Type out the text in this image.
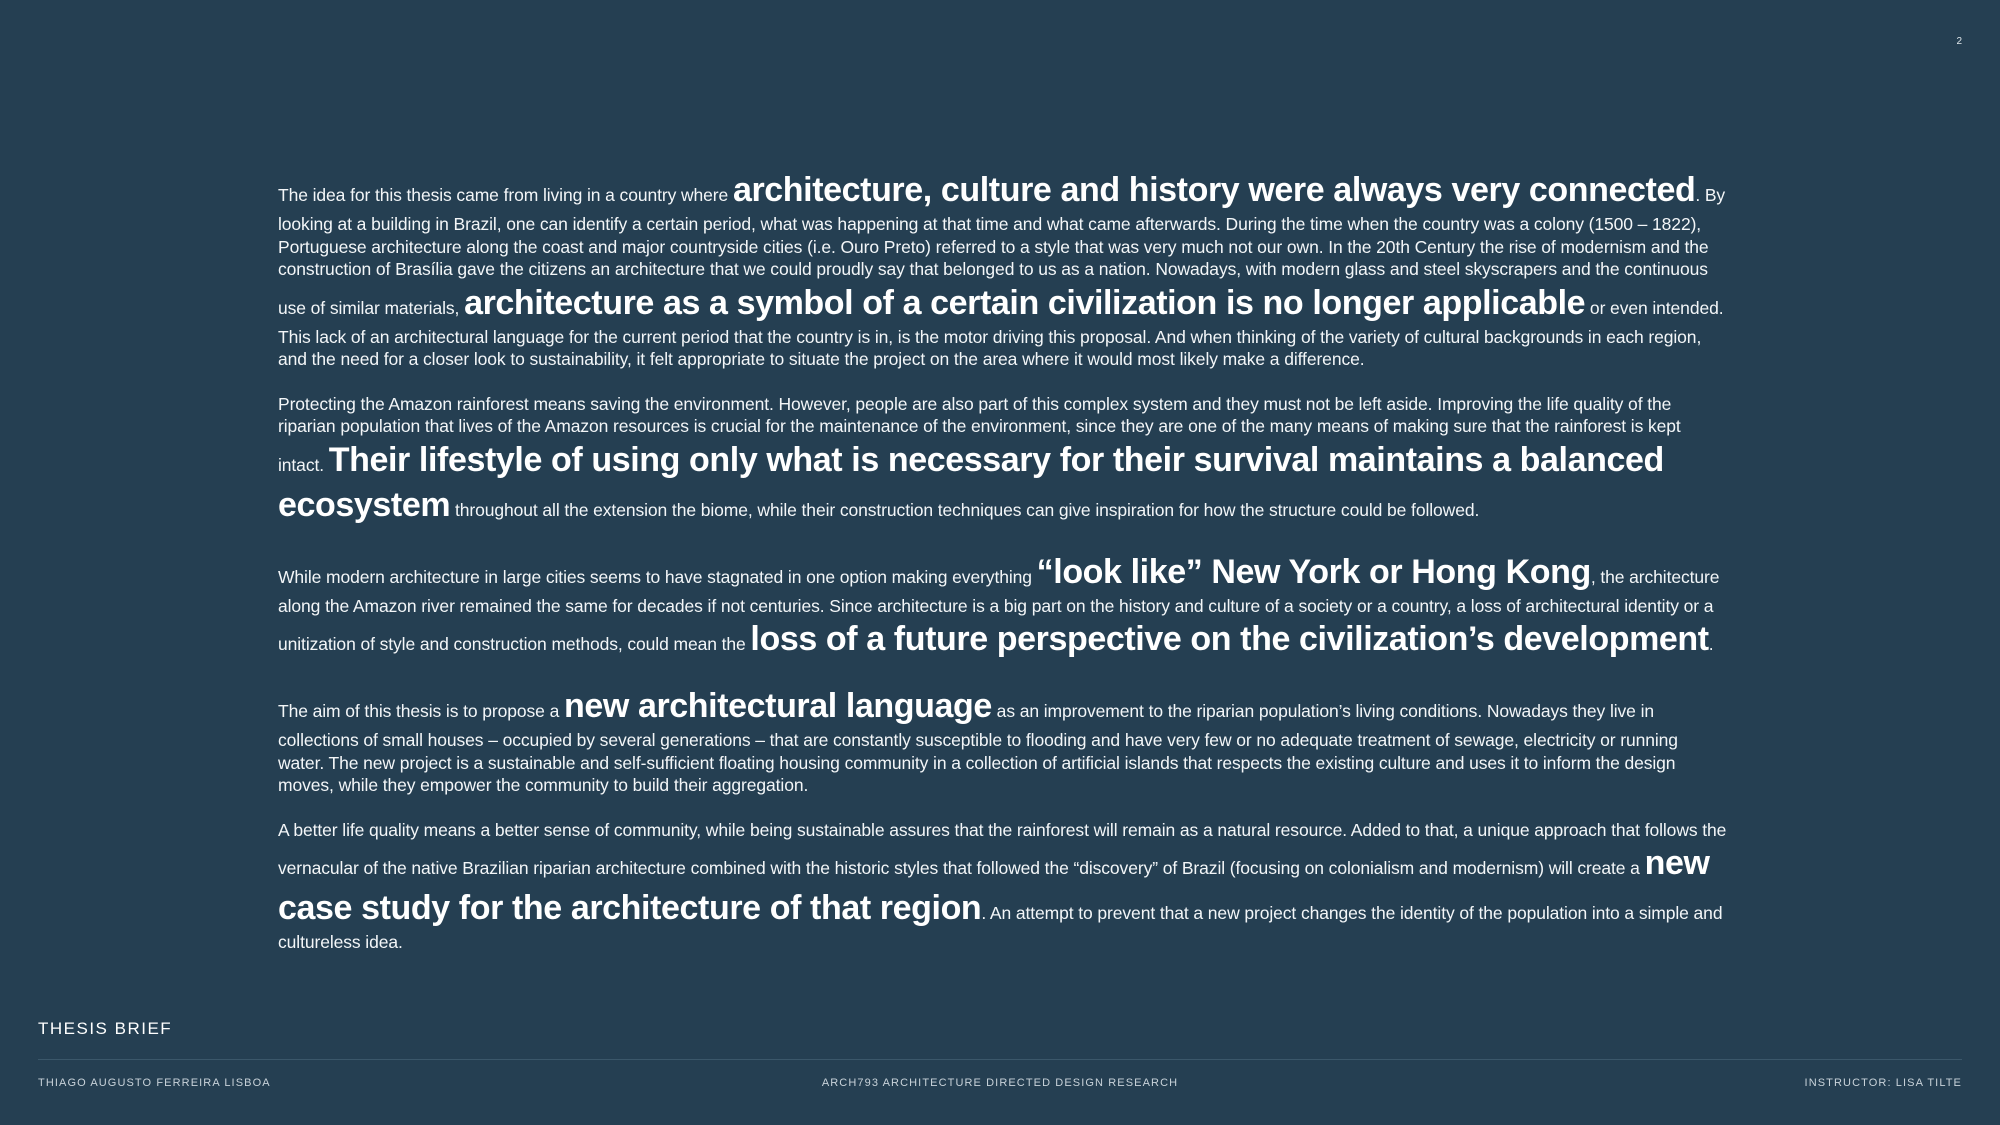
2

The idea for this thesis came from living in a country where architecture, culture and history were always very connected. By looking at a building in Brazil, one can identify a certain period, what was happening at that time and what came afterwards. During the time when the country was a colony (1500 – 1822), Portuguese architecture along the coast and major countryside cities (i.e. Ouro Preto) referred to a style that was very much not our own. In the 20th Century the rise of modernism and the construction of Brasília gave the citizens an architecture that we could proudly say that belonged to us as a nation. Nowadays, with modern glass and steel skyscrapers and the continuous use of similar materials, architecture as a symbol of a certain civilization is no longer applicable or even intended. This lack of an architectural language for the current period that the country is in, is the motor driving this proposal. And when thinking of the variety of cultural backgrounds in each region, and the need for a closer look to sustainability, it felt appropriate to situate the project on the area where it would most likely make a difference.

Protecting the Amazon rainforest means saving the environment. However, people are also part of this complex system and they must not be left aside. Improving the life quality of the riparian population that lives of the Amazon resources is crucial for the maintenance of the environment, since they are one of the many means of making sure that the rainforest is kept intact. Their lifestyle of using only what is necessary for their survival maintains a balanced ecosystem throughout all the extension the biome, while their construction techniques can give inspiration for how the structure could be followed.

While modern architecture in large cities seems to have stagnated in one option making everything “look like” New York or Hong Kong, the architecture along the Amazon river remained the same for decades if not centuries. Since architecture is a big part on the history and culture of a society or a country, a loss of architectural identity or a unitization of style and construction methods, could mean the loss of a future perspective on the civilization’s development.

The aim of this thesis is to propose a new architectural language as an improvement to the riparian population’s living conditions. Nowadays they live in collections of small houses – occupied by several generations – that are constantly susceptible to flooding and have very few or no adequate treatment of sewage, electricity or running water. The new project is a sustainable and self-sufficient floating housing community in a collection of artificial islands that respects the existing culture and uses it to inform the design moves, while they empower the community to build their aggregation.

A better life quality means a better sense of community, while being sustainable assures that the rainforest will remain as a natural resource. Added to that, a unique approach that follows the vernacular of the native Brazilian riparian architecture combined with the historic styles that followed the “discovery” of Brazil (focusing on colonialism and modernism) will create a new case study for the architecture of that region. An attempt to prevent that a new project changes the identity of the population into a simple and cultureless idea.

THESIS BRIEF
THIAGO AUGUSTO FERREIRA LISBOA	ARCH793 ARCHITECTURE DIRECTED DESIGN RESEARCH	INSTRUCTOR: LISA TILTE
